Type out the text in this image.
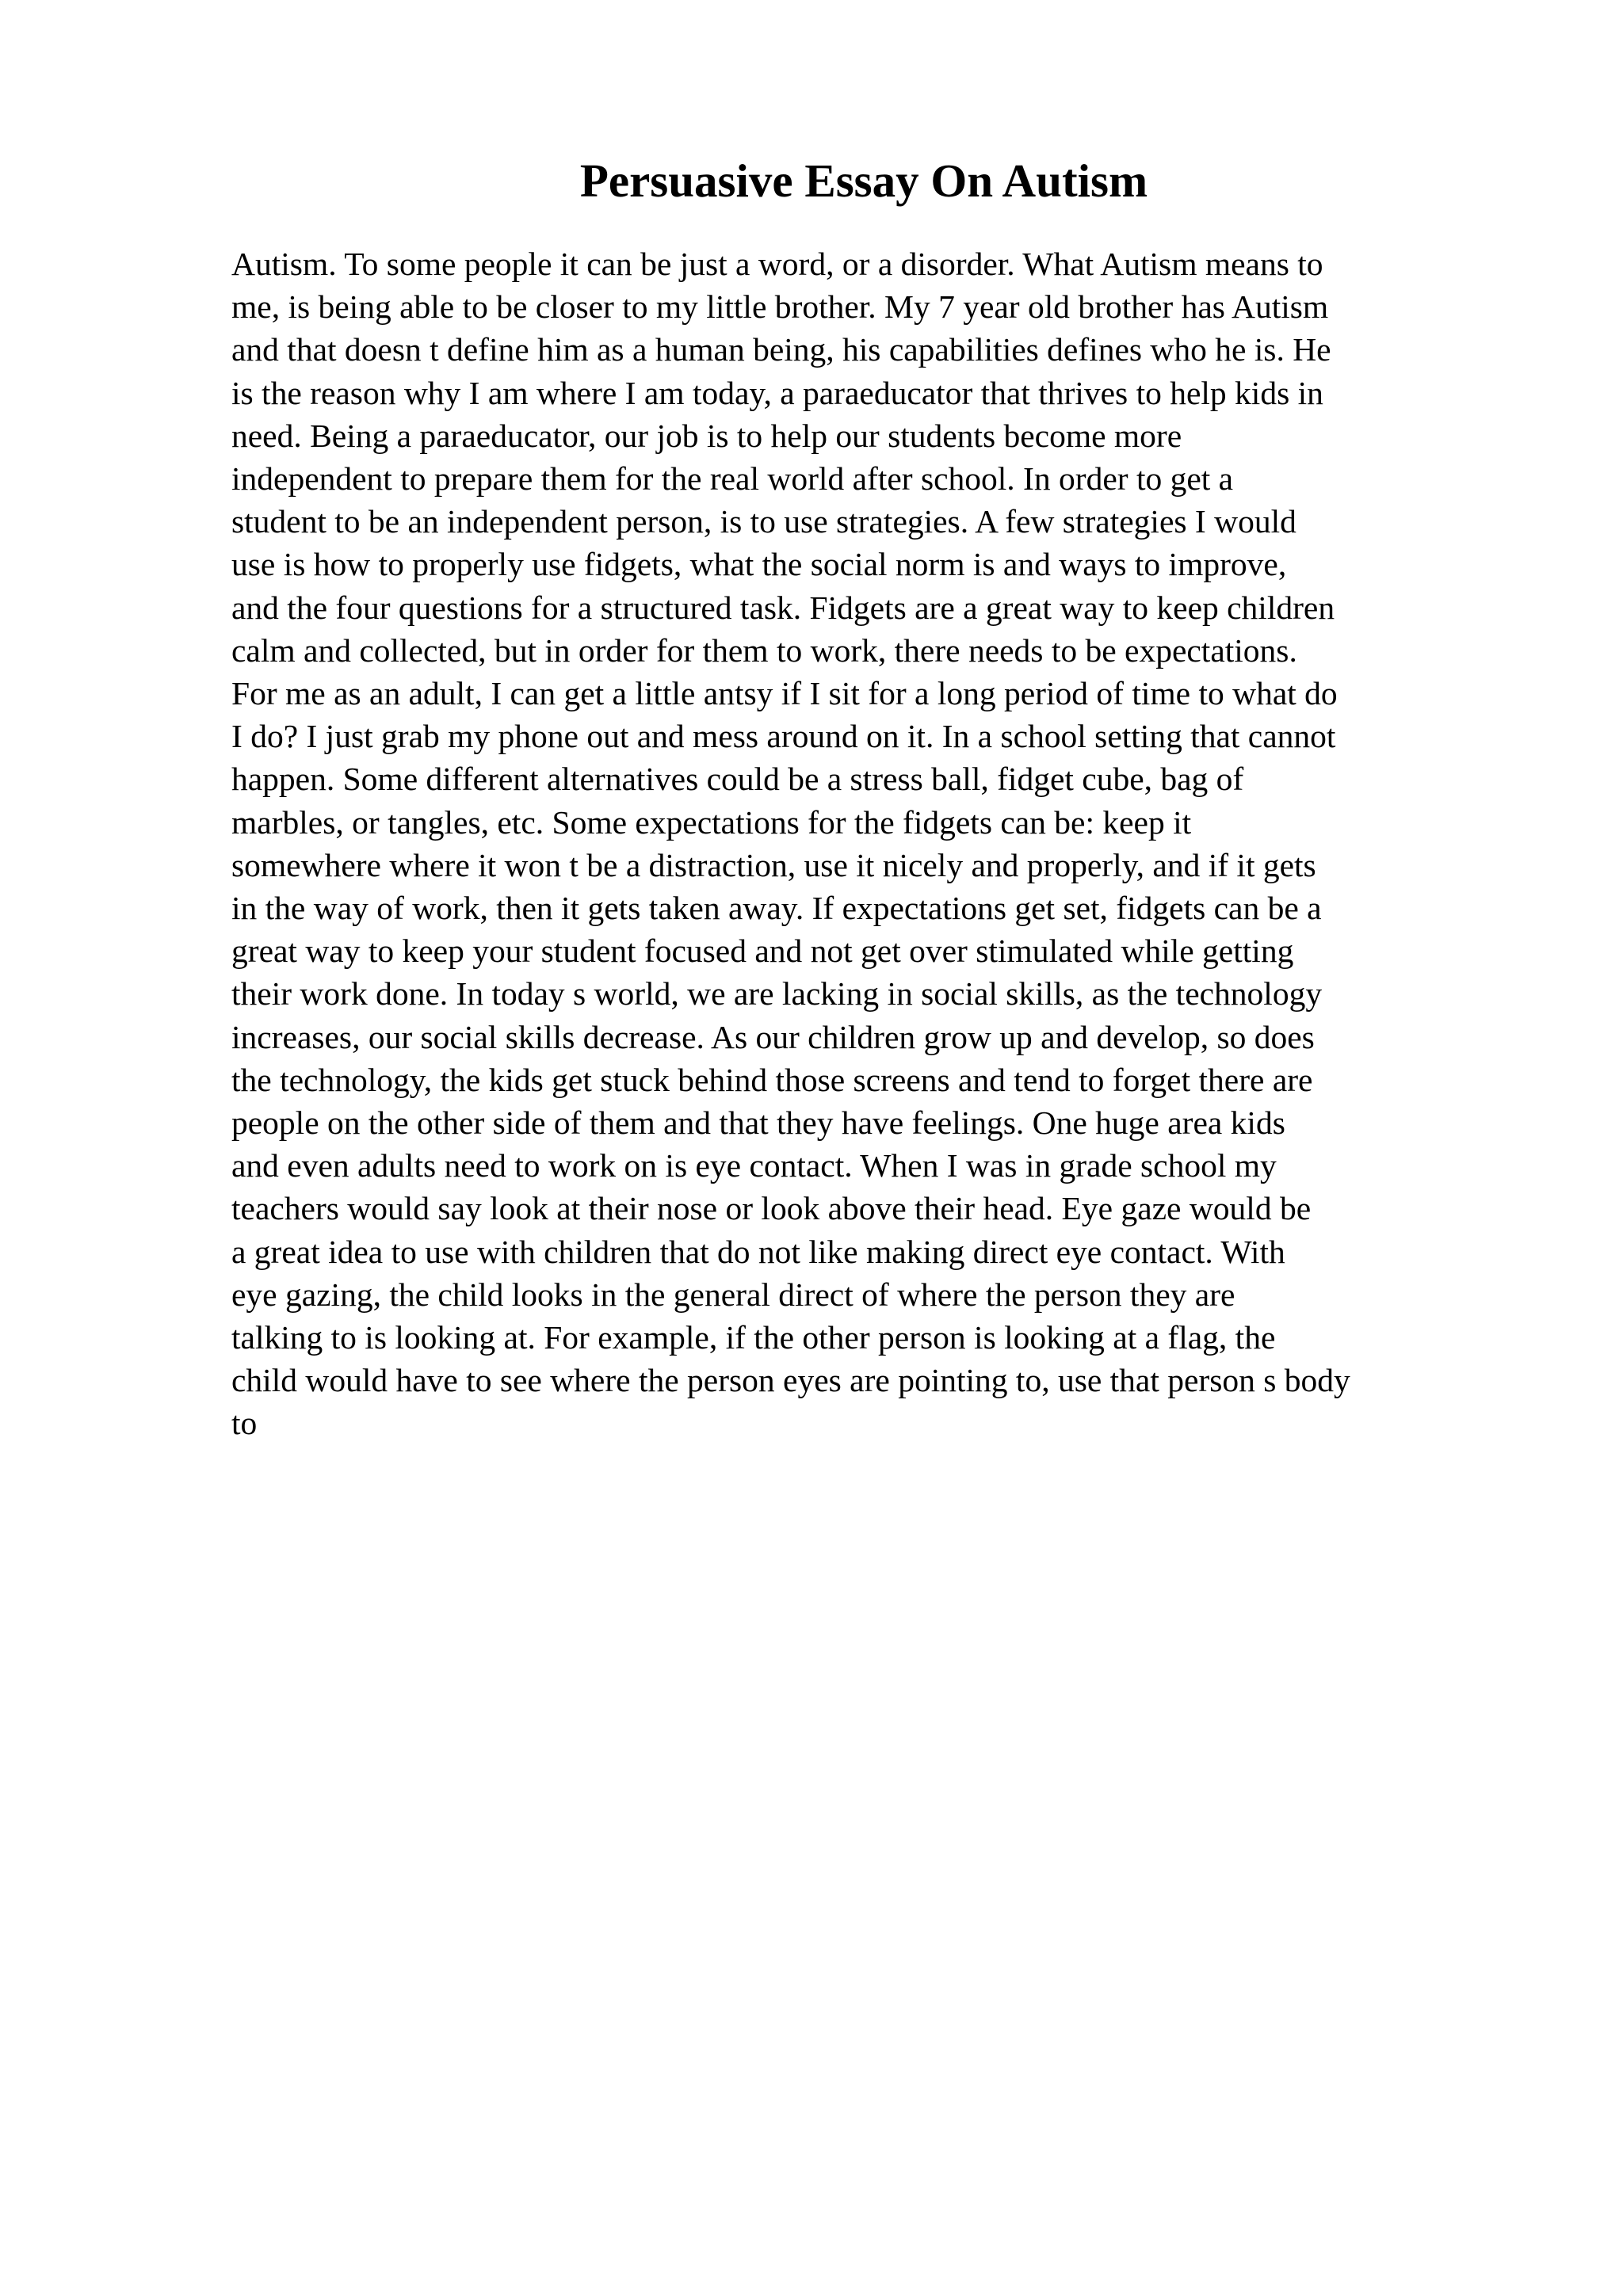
Persuasive Essay On Autism
Autism. To some people it can be just a word, or a disorder. What Autism means to
me, is being able to be closer to my little brother. My 7 year old brother has Autism
and that doesn t define him as a human being, his capabilities defines who he is. He
is the reason why I am where I am today, a paraeducator that thrives to help kids in
need. Being a paraeducator, our job is to help our students become more
independent to prepare them for the real world after school. In order to get a
student to be an independent person, is to use strategies. A few strategies I would
use is how to properly use fidgets, what the social norm is and ways to improve,
and the four questions for a structured task. Fidgets are a great way to keep children
calm and collected, but in order for them to work, there needs to be expectations.
For me as an adult, I can get a little antsy if I sit for a long period of time to what do
I do? I just grab my phone out and mess around on it. In a school setting that cannot
happen. Some different alternatives could be a stress ball, fidget cube, bag of
marbles, or tangles, etc. Some expectations for the fidgets can be: keep it
somewhere where it won t be a distraction, use it nicely and properly, and if it gets
in the way of work, then it gets taken away. If expectations get set, fidgets can be a
great way to keep your student focused and not get over stimulated while getting
their work done. In today s world, we are lacking in social skills, as the technology
increases, our social skills decrease. As our children grow up and develop, so does
the technology, the kids get stuck behind those screens and tend to forget there are
people on the other side of them and that they have feelings. One huge area kids
and even adults need to work on is eye contact. When I was in grade school my
teachers would say look at their nose or look above their head. Eye gaze would be
a great idea to use with children that do not like making direct eye contact. With
eye gazing, the child looks in the general direct of where the person they are
talking to is looking at. For example, if the other person is looking at a flag, the
child would have to see where the person eyes are pointing to, use that person s body
to
